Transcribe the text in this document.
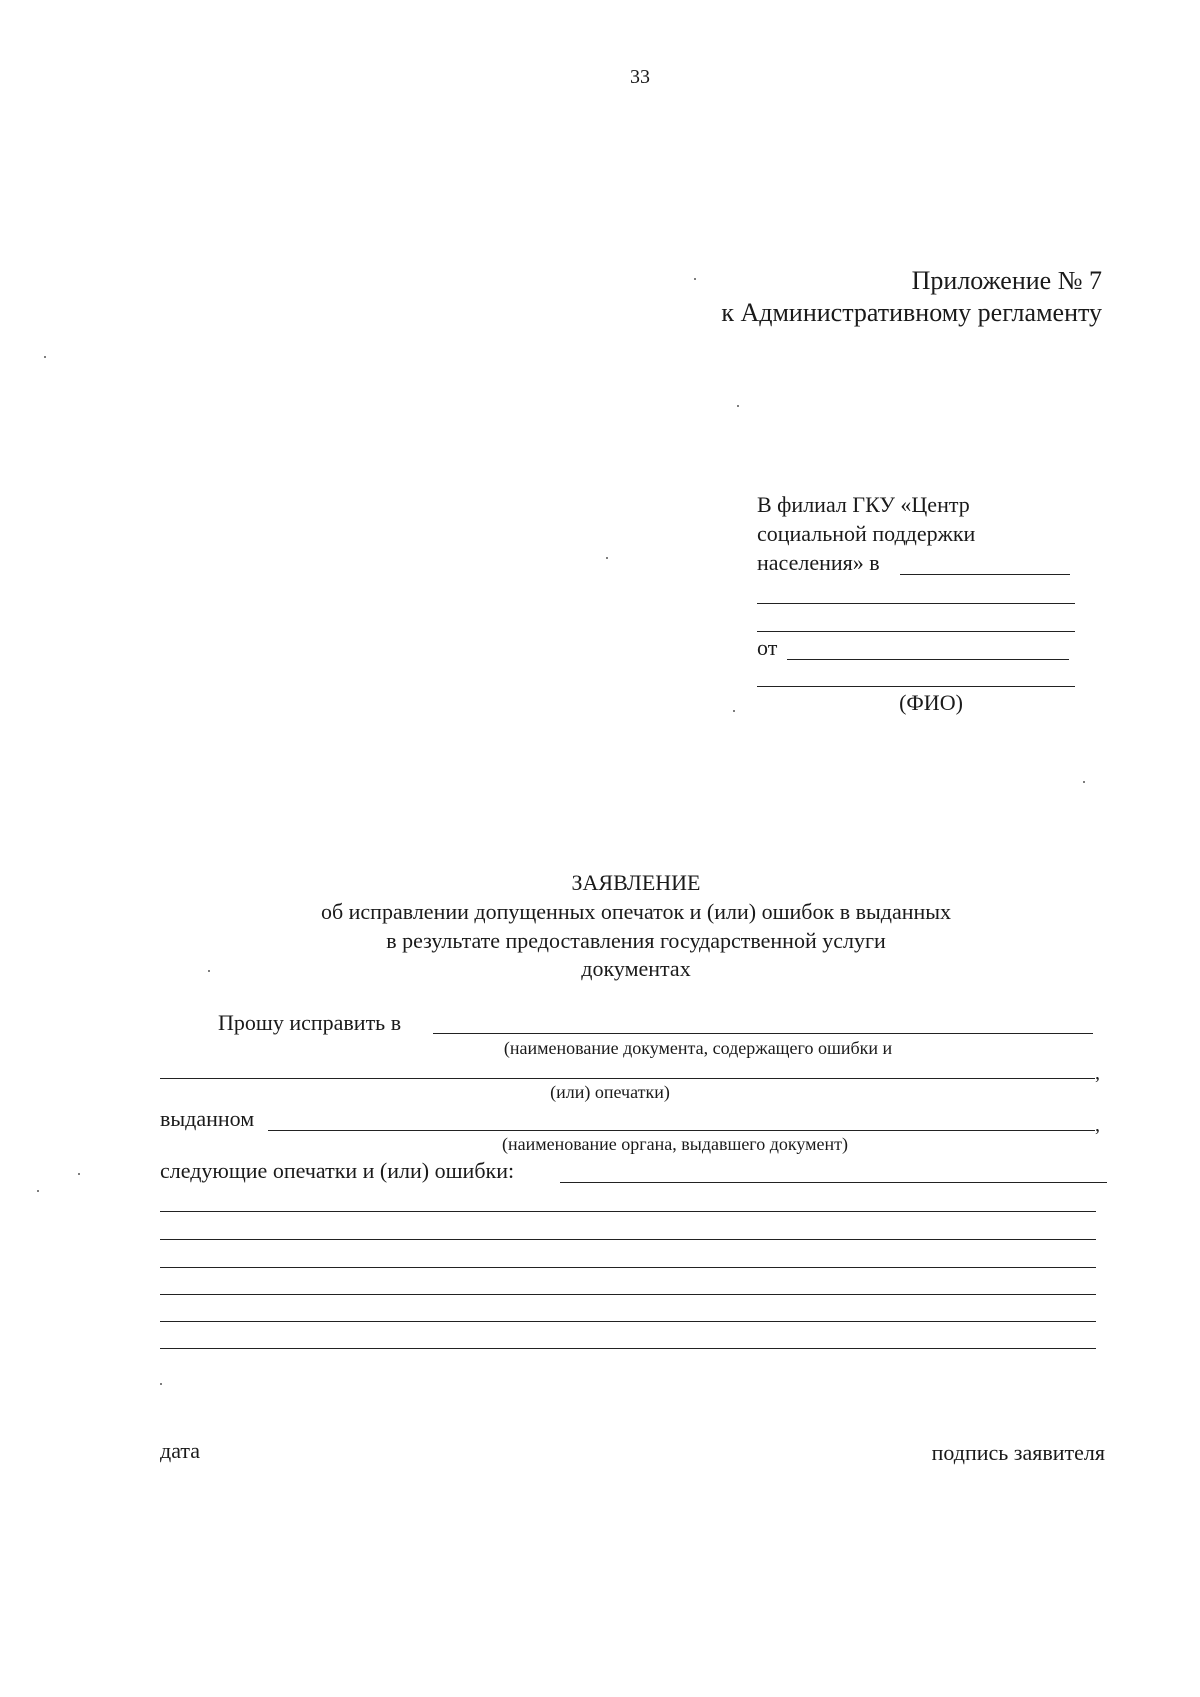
33
Приложение № 7
к Административному регламенту
В филиал ГКУ «Центр
социальной поддержки
населения» в
от
(ФИО)
ЗАЯВЛЕНИЕ
об исправлении допущенных опечаток и (или) ошибок в выданных
в результате предоставления государственной услуги
документах
Прошу исправить в
(наименование документа, содержащего ошибки и
,
(или) опечатки)
выданном	,
(наименование органа, выдавшего документ)
следующие опечатки и (или) ошибки:
дата	подпись заявителя
